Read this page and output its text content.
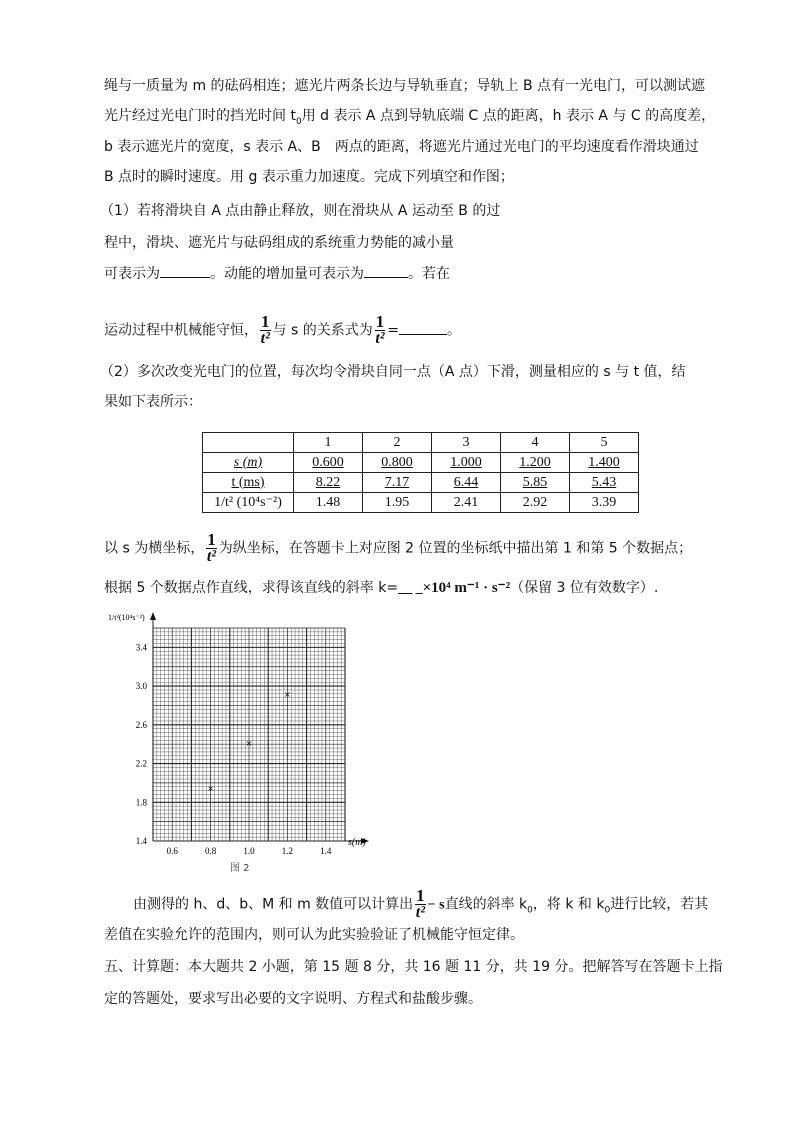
绳与一质量为 m 的砝码相连；遮光片两条长边与导轨垂直；导轨上 B 点有一光电门，可以测试遮
光片经过光电门时的挡光时间 $t_0$用 d 表示 A 点到导轨底端 C 点的距离，h 表示 A 与 C 的高度差，
b 表示遮光片的宽度，s 表示 A、B　两点的距离，将遮光片通过光电门的平均速度看作滑块通过
B 点时的瞬时速度。用 g 表示重力加速度。完成下列填空和作图；
（1）若将滑块自 A 点由静止释放，则在滑块从 A 运动至 B 的过
程中，滑块、遮光片与砝码组成的系统重力势能的减小量
可表示为	。动能的增加量可表示为	。若在
运动过程中机械能守恒， $\frac{1}{\text{t²}}$ 与 s 的关系式为 $\frac{1}{\text{t²}}$ =	。
（2）多次改变光电门的位置，每次均令滑块自同一点（A 点）下滑，测量相应的 s 与 t 值，结
果如下表所示：
	1	2	3	4	5
s (m)	0.600	0.800	1.000	1.200	1.400
t (ms)	8.22	7.17	6.44	5.85	5.43
1/t² (10⁴s⁻²)	1.48	1.95	2.41	2.92	3.39
以 s 为横坐标， $\frac{1}{\text{t²}}$ 为纵坐标，在答题卡上对应图 2 位置的坐标纸中描出第 1 和第 5 个数据点；
根据 5 个数据点作直线，求得该直线的斜率 k=__ _×10⁴ m⁻¹ · s⁻²（保留 3 位有效数字）.
1/t²(10⁴s⁻²)
s(m)
图 2
0.6	0.8	1.0	1.2	1.4
1.4
1.8
2.2
2.6
3.0
3.4
×
×
×
由测得的 h、d、b、M 和 m 数值可以计算出 $\frac{1}{\text{t²}} - s$直线的斜率 $k_0$，将 k 和 $k_0$进行比较，若其
差值在实验允许的范围内，则可认为此实验验证了机械能守恒定律。
五、计算题：本大题共 2 小题，第 15 题 8 分，共 16 题 11 分，共 19 分。把解答写在答题卡上指
定的答题处，要求写出必要的文字说明、方程式和盐酸步骤。
